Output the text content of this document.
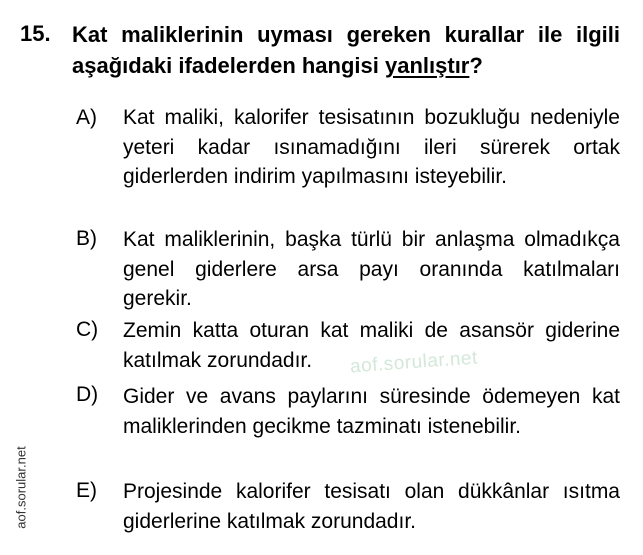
15. Kat maliklerinin uyması gereken kurallar ile ilgili aşağıdaki ifadelerden hangisi yanlıştır?
A) Kat maliki, kalorifer tesisatının bozukluğu nedeniyle yeteri kadar ısınamadığını ileri sürerek ortak giderlerden indirim yapılmasını isteyebilir.
B) Kat maliklerinin, başka türlü bir anlaşma olmadıkça genel giderlere arsa payı oranında katılmaları gerekir.
C) Zemin katta oturan kat maliki de asansör giderine katılmak zorundadır.
D) Gider ve avans paylarını süresinde ödemeyen kat maliklerinden gecikme tazminatı istenebilir.
E) Projesinde kalorifer tesisatı olan dükkânlar ısıtma giderlerine katılmak zorundadır.
aof.sorular.net
aof.sorular.net
